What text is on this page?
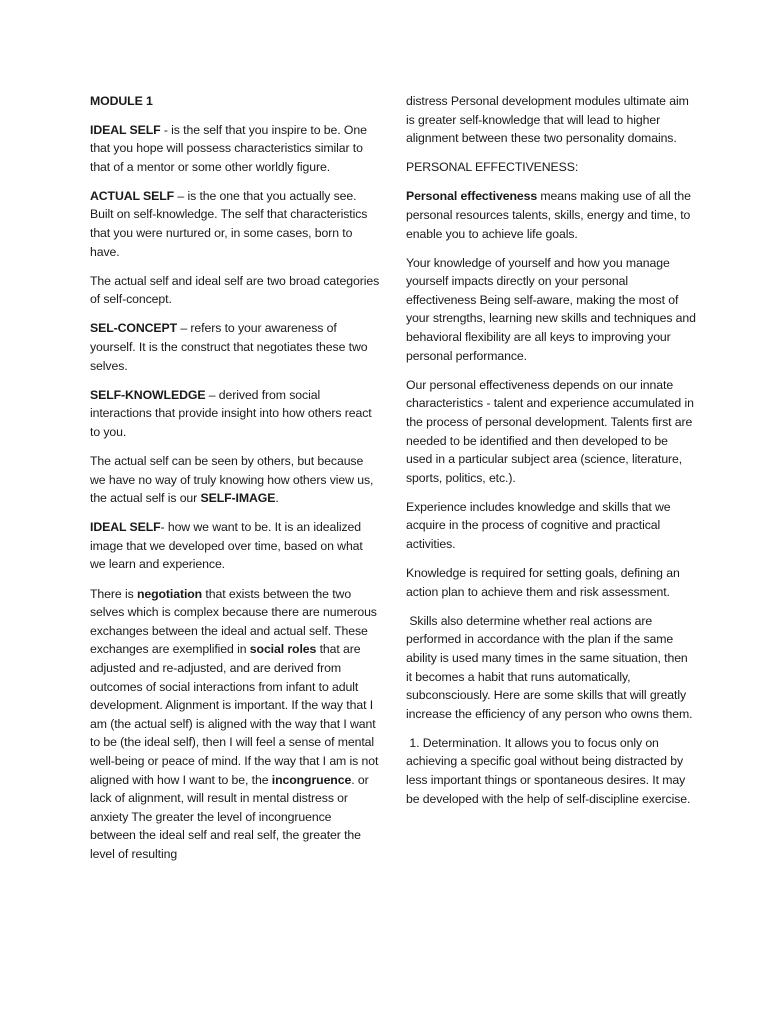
MODULE 1

IDEAL SELF - is the self that you inspire to be. One that you hope will possess characteristics similar to that of a mentor or some other worldly figure.

ACTUAL SELF – is the one that you actually see. Built on self-knowledge. The self that characteristics that you were nurtured or, in some cases, born to have.

The actual self and ideal self are two broad categories of self-concept.

SEL-CONCEPT – refers to your awareness of yourself. It is the construct that negotiates these two selves.

SELF-KNOWLEDGE – derived from social interactions that provide insight into how others react to you.

The actual self can be seen by others, but because we have no way of truly knowing how others view us, the actual self is our SELF-IMAGE.

IDEAL SELF- how we want to be. It is an idealized image that we developed over time, based on what we learn and experience.

There is negotiation that exists between the two selves which is complex because there are numerous exchanges between the ideal and actual self. These exchanges are exemplified in social roles that are adjusted and re-adjusted, and are derived from outcomes of social interactions from infant to adult development. Alignment is important. If the way that I am (the actual self) is aligned with the way that I want to be (the ideal self), then I will feel a sense of mental well-being or peace of mind. If the way that I am is not aligned with how I want to be, the incongruence. or lack of alignment, will result in mental distress or anxiety The greater the level of incongruence between the ideal self and real self, the greater the level of resulting

distress Personal development modules ultimate aim is greater self-knowledge that will lead to higher alignment between these two personality domains.

PERSONAL EFFECTIVENESS:

Personal effectiveness means making use of all the personal resources talents, skills, energy and time, to enable you to achieve life goals.

Your knowledge of yourself and how you manage yourself impacts directly on your personal effectiveness Being self-aware, making the most of your strengths, learning new skills and techniques and behavioral flexibility are all keys to improving your personal performance.

Our personal effectiveness depends on our innate characteristics - talent and experience accumulated in the process of personal development. Talents first are needed to be identified and then developed to be used in a particular subject area (science, literature, sports, politics, etc.).

Experience includes knowledge and skills that we acquire in the process of cognitive and practical activities.

Knowledge is required for setting goals, defining an action plan to achieve them and risk assessment.

Skills also determine whether real actions are performed in accordance with the plan if the same ability is used many times in the same situation, then it becomes a habit that runs automatically, subconsciously. Here are some skills that will greatly increase the efficiency of any person who owns them.

1. Determination. It allows you to focus only on achieving a specific goal without being distracted by less important things or spontaneous desires. It may be developed with the help of self-discipline exercise.
